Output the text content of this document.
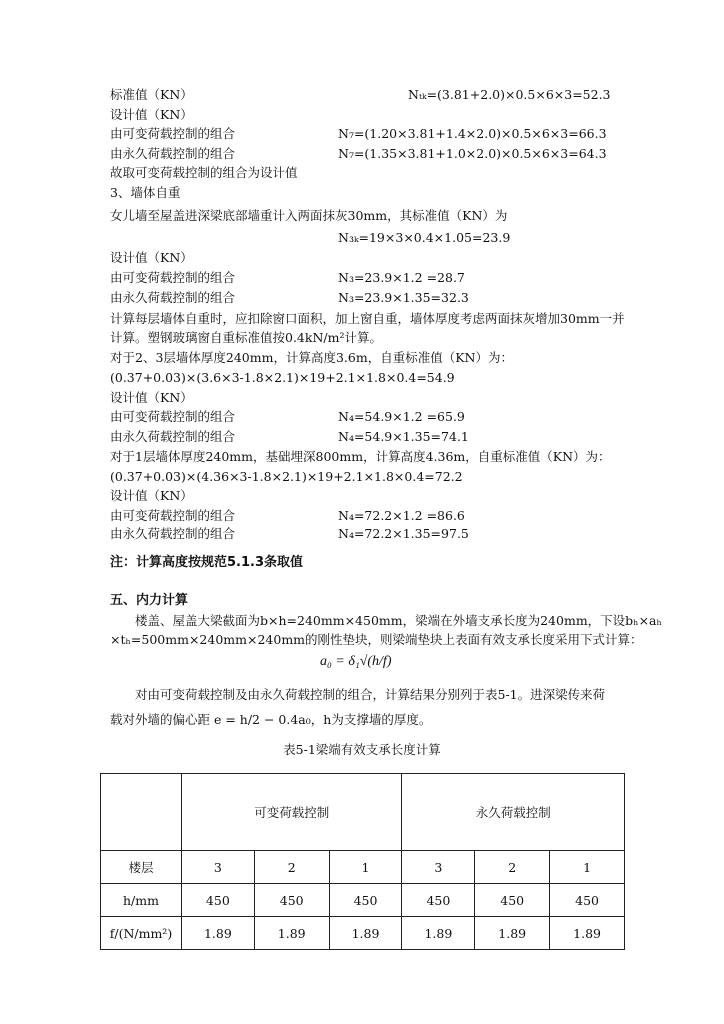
标准值（KN）	Nₜₖ=(3.81+2.0)×0.5×6×3=52.3
设计值（KN）
由可变荷载控制的组合	N₇=(1.20×3.81+1.4×2.0)×0.5×6×3=66.3
由永久荷载控制的组合	N₇=(1.35×3.81+1.0×2.0)×0.5×6×3=64.3
故取可变荷载控制的组合为设计值
3、墙体自重
女儿墙至屋盖进深梁底部墙重计入两面抹灰30mm，其标准值（KN）为
N₃ₖ=19×3×0.4×1.05=23.9
设计值（KN）
由可变荷载控制的组合	N₃=23.9×1.2 =28.7
由永久荷载控制的组合	N₃=23.9×1.35=32.3
计算每层墙体自重时，应扣除窗口面积，加上窗自重，墙体厚度考虑两面抹灰增加30mm一并
计算。塑钢玻璃窗自重标准值按0.4kN/m²计算。
对于2、3层墙体厚度240mm，计算高度3.6m，自重标准值（KN）为：
(0.37+0.03)×(3.6×3-1.8×2.1)×19+2.1×1.8×0.4=54.9
设计值（KN）
由可变荷载控制的组合	N₄=54.9×1.2 =65.9
由永久荷载控制的组合	N₄=54.9×1.35=74.1
对于1层墙体厚度240mm，基础埋深800mm，计算高度4.36m，自重标准值（KN）为：
(0.37+0.03)×(4.36×3-1.8×2.1)×19+2.1×1.8×0.4=72.2
设计值（KN）
由可变荷载控制的组合	N₄=72.2×1.2 =86.6
由永久荷载控制的组合	N₄=72.2×1.35=97.5
注：计算高度按规范5.1.3条取值
五、内力计算
　　楼盖、屋盖大梁截面为b×h=240mm×450mm，梁端在外墙支承长度为240mm，下设bₕ×aₕ
×tₕ=500mm×240mm×240mm的刚性垫块，则梁端垫块上表面有效支承长度采用下式计算：
a₀ = δ₁√(h/f)
　　对由可变荷载控制及由永久荷载控制的组合，计算结果分别列于表5-1。进深梁传来荷
载对外墙的偏心距 e = h/2 − 0.4a₀，h为支撑墙的厚度。
表5-1梁端有效支承长度计算
	可变荷载控制			永久荷载控制		
楼层	3	2	1	3	2	1
h/mm	450	450	450	450	450	450
f/(N/mm²)	1.89	1.89	1.89	1.89	1.89	1.89
